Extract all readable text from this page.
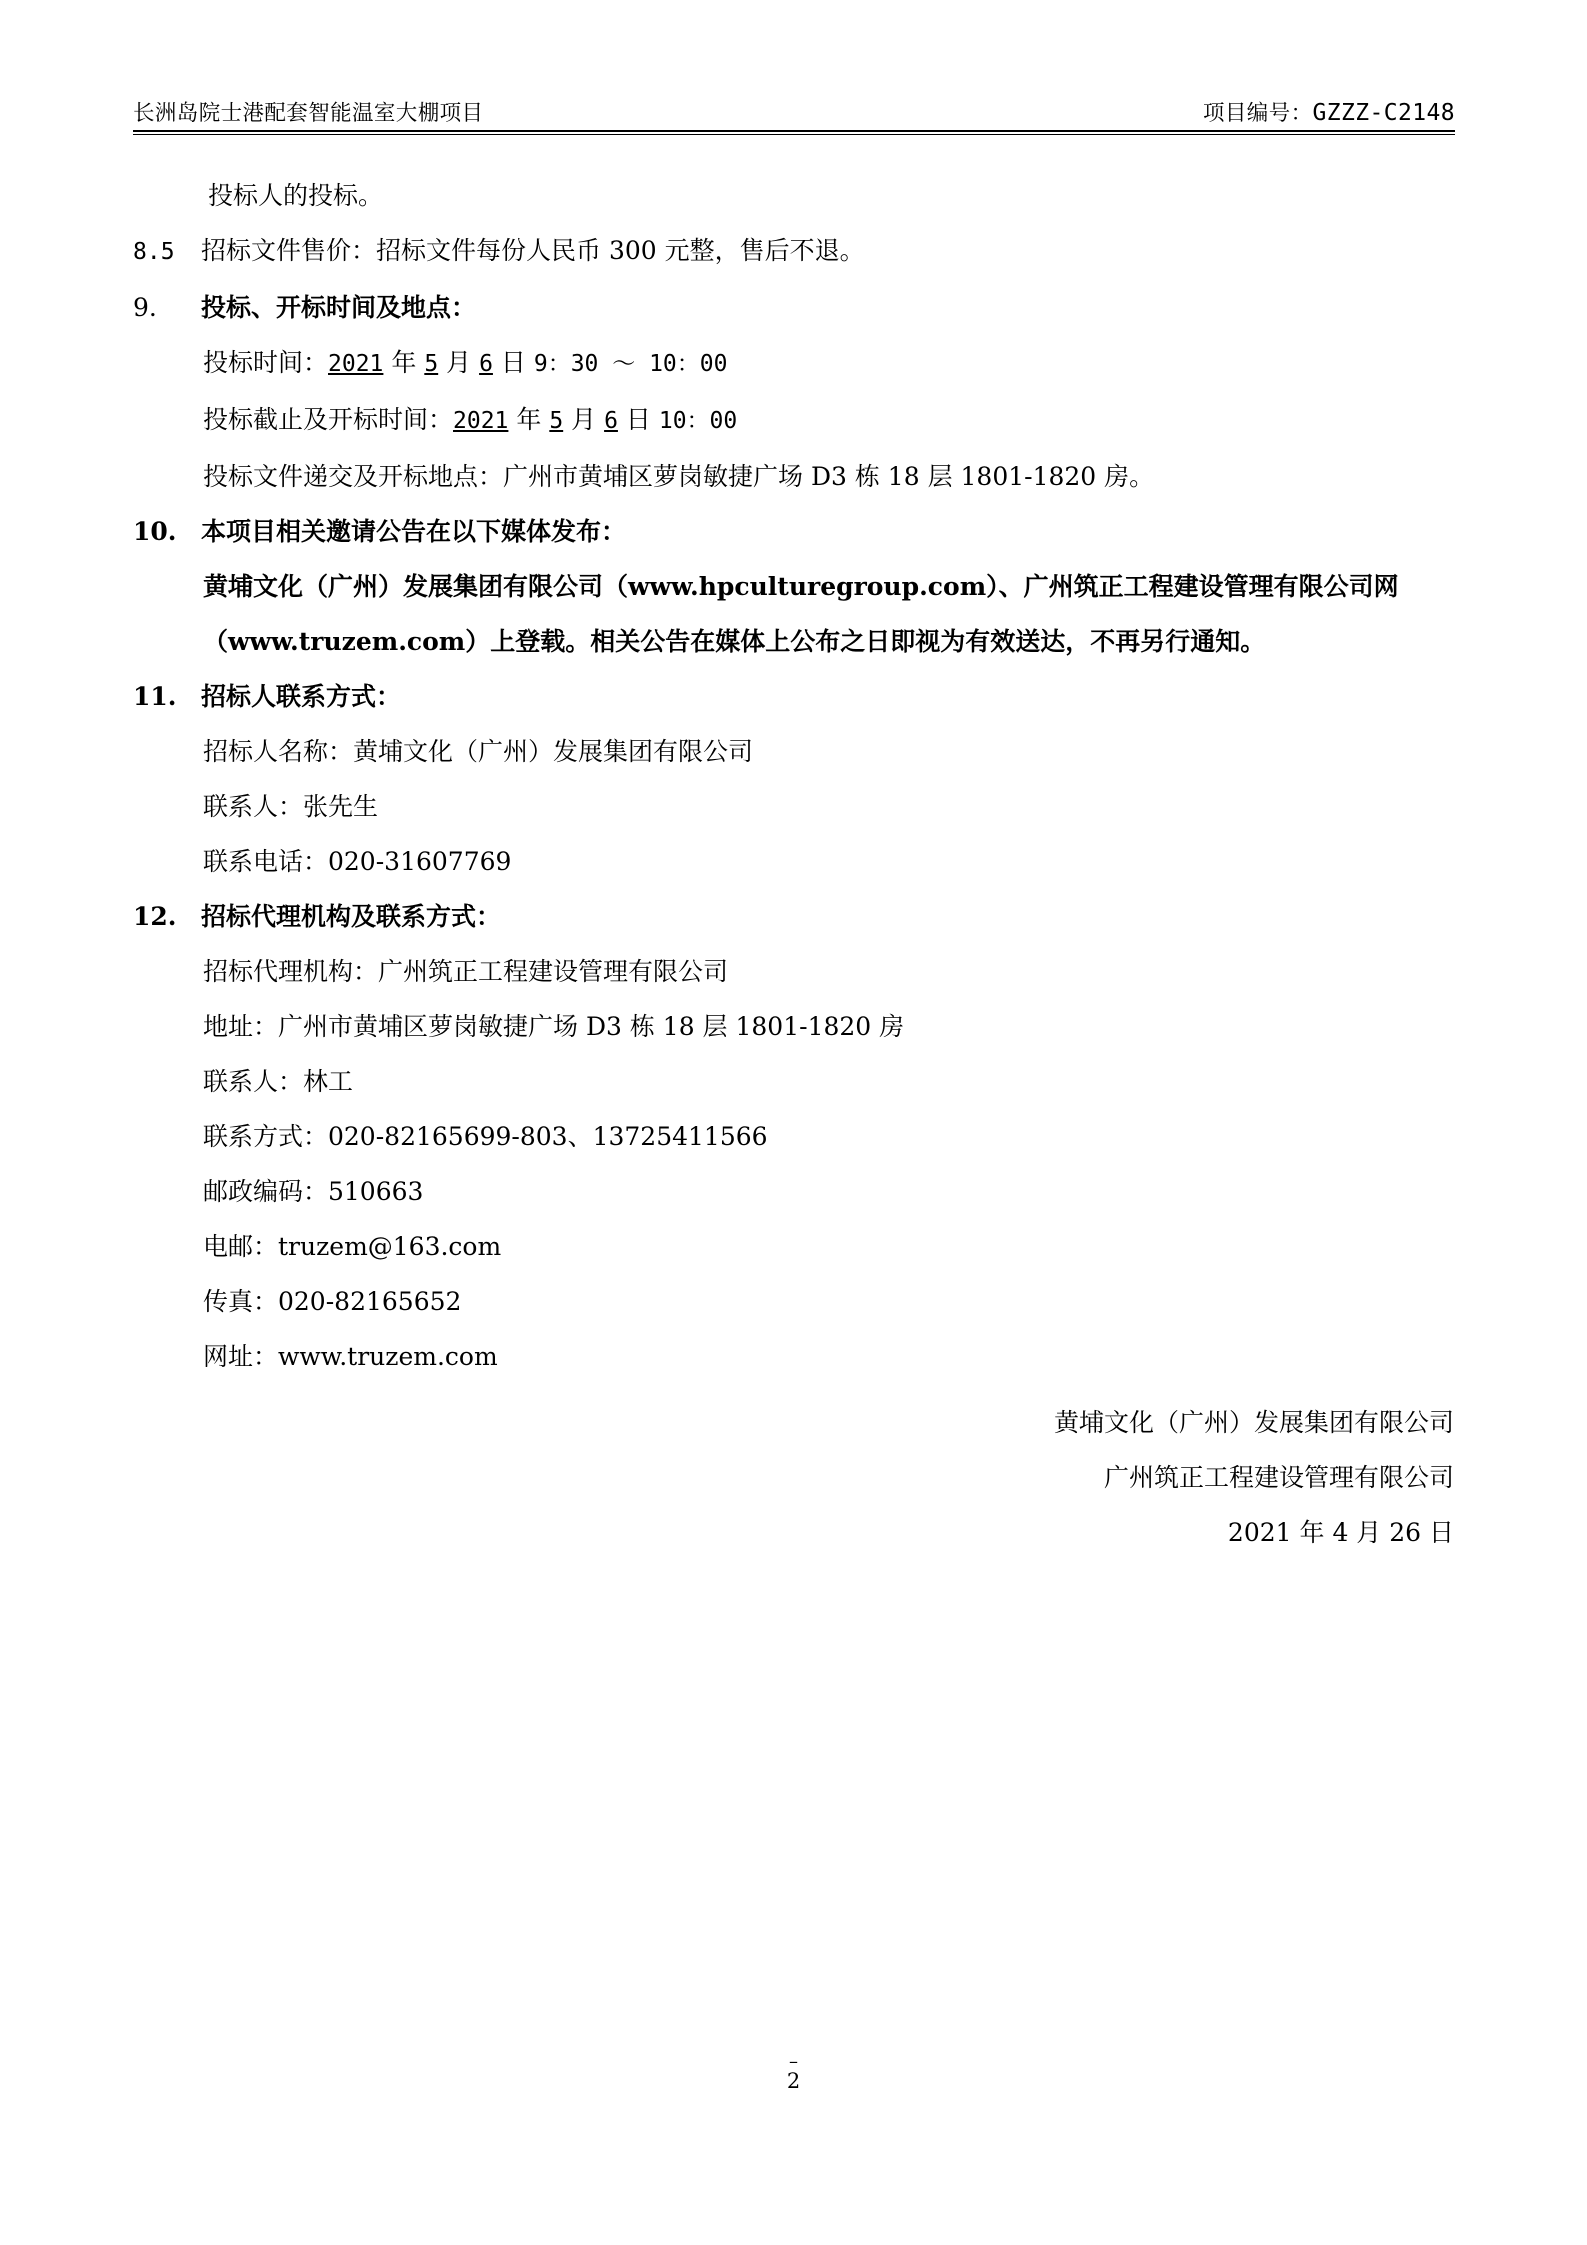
长洲岛院士港配套智能温室大棚项目	项目编号：GZZZ-C2148
投标人的投标。
8.5	招标文件售价：招标文件每份人民币 300 元整，售后不退。
9.	投标、开标时间及地点：
投标时间：2021 年 5 月 6 日 9：30 ～ 10：00
投标截止及开标时间：2021 年 5 月 6 日 10：00
投标文件递交及开标地点：广州市黄埔区萝岗敏捷广场 D3 栋 18 层 1801-1820 房。
10. 本项目相关邀请公告在以下媒体发布：
黄埔文化（广州）发展集团有限公司（www.hpculturegroup.com）、广州筑正工程建设管理有限公司网
（www.truzem.com）上登载。相关公告在媒体上公布之日即视为有效送达，不再另行通知。
11. 招标人联系方式：
招标人名称：黄埔文化（广州）发展集团有限公司
联系人：张先生
联系电话：020-31607769
12. 招标代理机构及联系方式：
招标代理机构：广州筑正工程建设管理有限公司
地址：广州市黄埔区萝岗敏捷广场 D3 栋 18 层 1801-1820 房
联系人：林工
联系方式：020-82165699-803、13725411566
邮政编码：510663
电邮：truzem@163.com
传真：020-82165652
网址：www.truzem.com
黄埔文化（广州）发展集团有限公司
广州筑正工程建设管理有限公司
2021 年 4 月 26 日
–
2
